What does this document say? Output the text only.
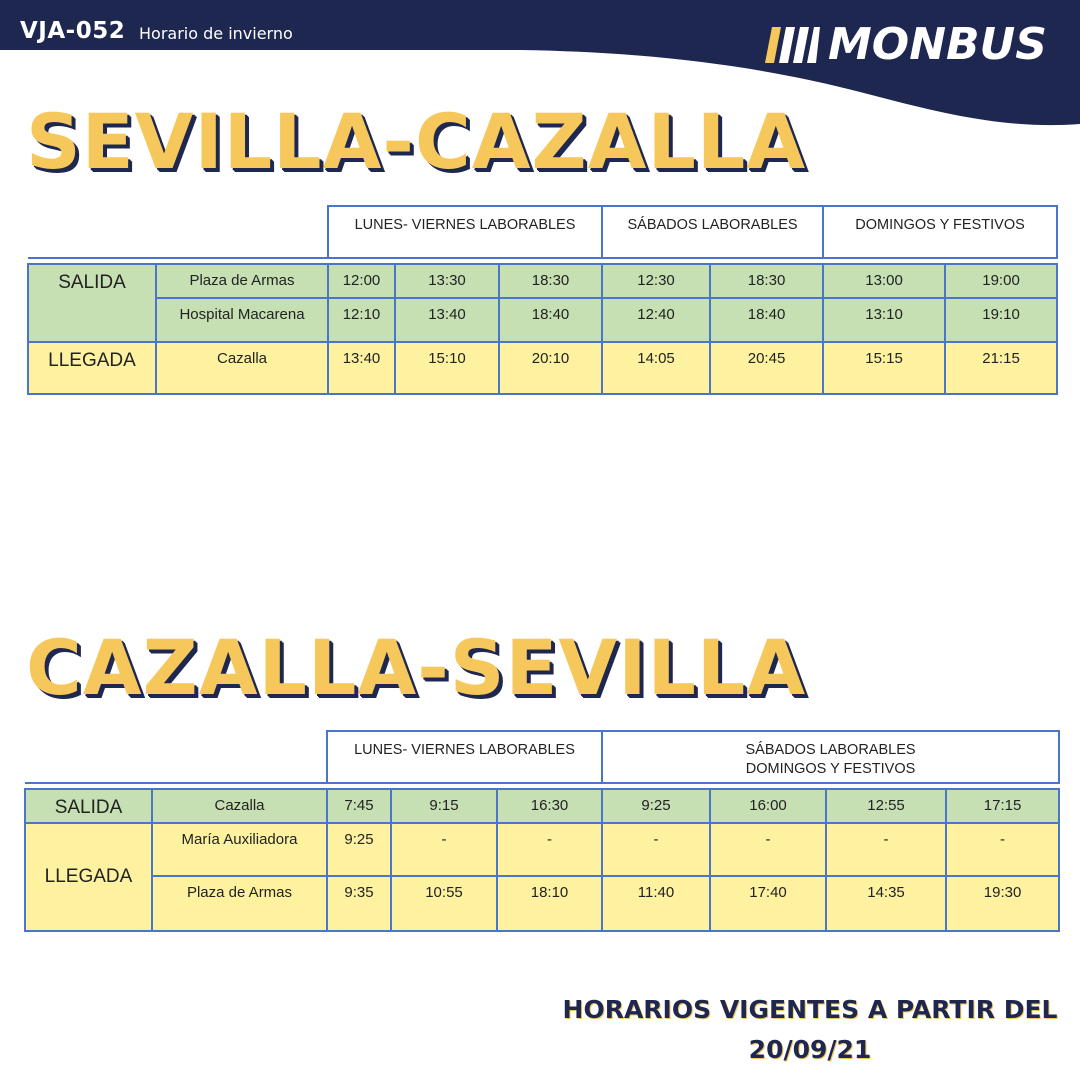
VJA-052 Horario de invierno	MONBUS
SEVILLA-CAZALLA
		LUNES- VIERNES LABORABLES			SÁBADOS LABORABLES		DOMINGOS Y FESTIVOS	

SALIDA	Plaza de Armas	12:00	13:30	18:30	12:30	18:30	13:00	19:00
	Hospital Macarena	12:10	13:40	18:40	12:40	18:40	13:10	19:10
LLEGADA	Cazalla	13:40	15:10	20:10	14:05	20:45	15:15	21:15
CAZALLA-SEVILLA
		LUNES- VIERNES LABORABLES			SÁBADOS LABORABLES
DOMINGOS Y FESTIVOS			

SALIDA	Cazalla	7:45	9:15	16:30	9:25	16:00	12:55	17:15
LLEGADA	María Auxiliadora	9:25	-	-	-	-	-	-
	Plaza de Armas	9:35	10:55	18:10	11:40	17:40	14:35	19:30
HORARIOS VIGENTES A PARTIR DEL
20/09/21
